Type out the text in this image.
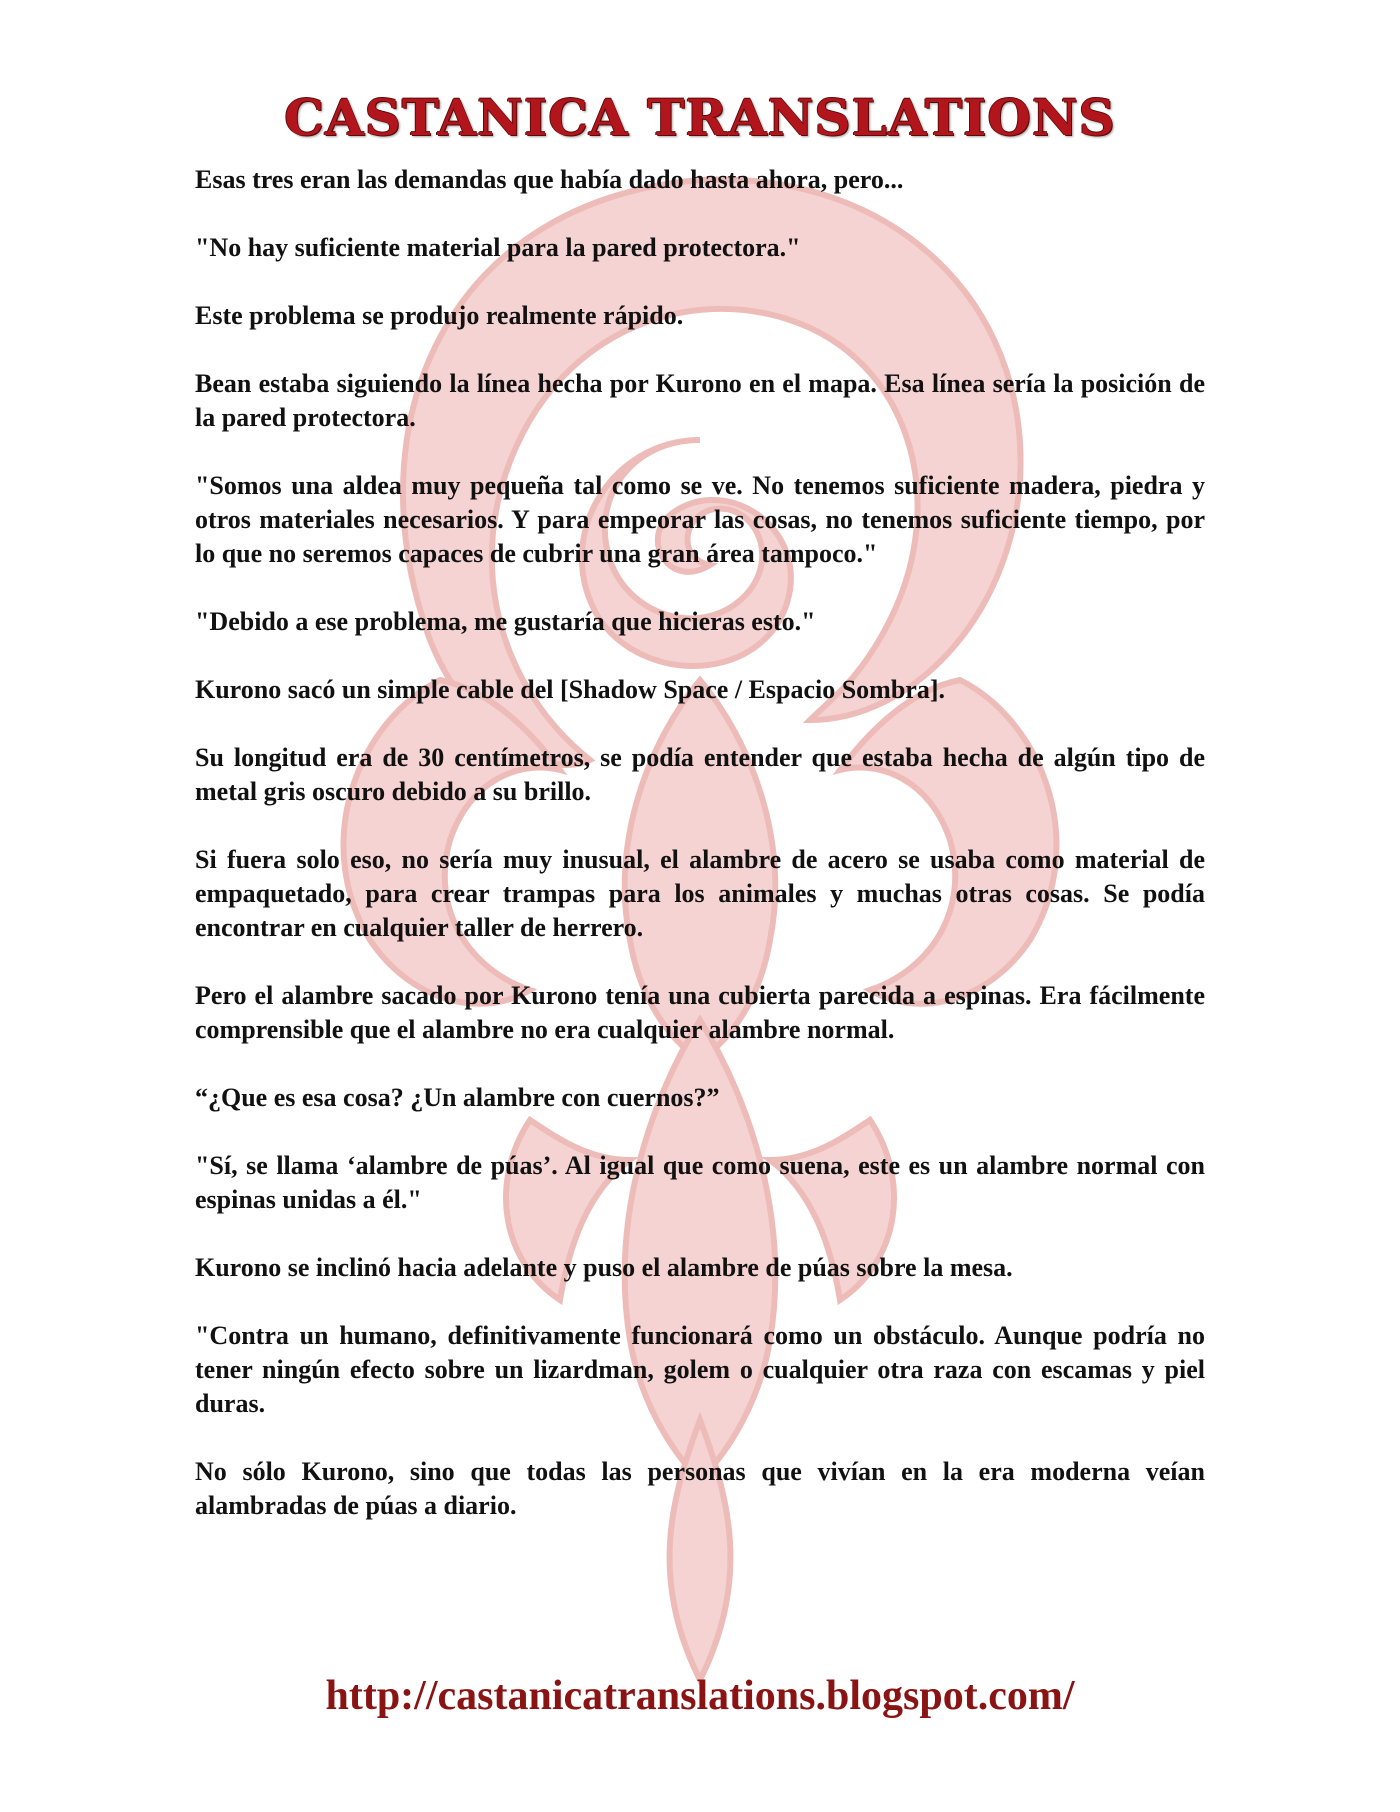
CASTANICA TRANSLATIONS

Esas tres eran las demandas que había dado hasta ahora, pero...

"No hay suficiente material para la pared protectora."

Este problema se produjo realmente rápido.

Bean estaba siguiendo la línea hecha por Kurono en el mapa. Esa línea sería la posición de la pared protectora.

"Somos una aldea muy pequeña tal como se ve. No tenemos suficiente madera, piedra y otros materiales necesarios. Y para empeorar las cosas, no tenemos suficiente tiempo, por lo que no seremos capaces de cubrir una gran área tampoco."

"Debido a ese problema, me gustaría que hicieras esto."

Kurono sacó un simple cable del [Shadow Space / Espacio Sombra].

Su longitud era de 30 centímetros, se podía entender que estaba hecha de algún tipo de metal gris oscuro debido a su brillo.

Si fuera solo eso, no sería muy inusual, el alambre de acero se usaba como material de empaquetado, para crear trampas para los animales y muchas otras cosas. Se podía encontrar en cualquier taller de herrero.

Pero el alambre sacado por Kurono tenía una cubierta parecida a espinas. Era fácilmente comprensible que el alambre no era cualquier alambre normal.

“¿Que es esa cosa? ¿Un alambre con cuernos?”

"Sí, se llama ‘alambre de púas’. Al igual que como suena, este es un alambre normal con espinas unidas a él."

Kurono se inclinó hacia adelante y puso el alambre de púas sobre la mesa.

"Contra un humano, definitivamente funcionará como un obstáculo. Aunque podría no tener ningún efecto sobre un lizardman, golem o cualquier otra raza con escamas y piel duras.

No sólo Kurono, sino que todas las personas que vivían en la era moderna veían alambradas de púas a diario.

http://castanicatranslations.blogspot.com/
